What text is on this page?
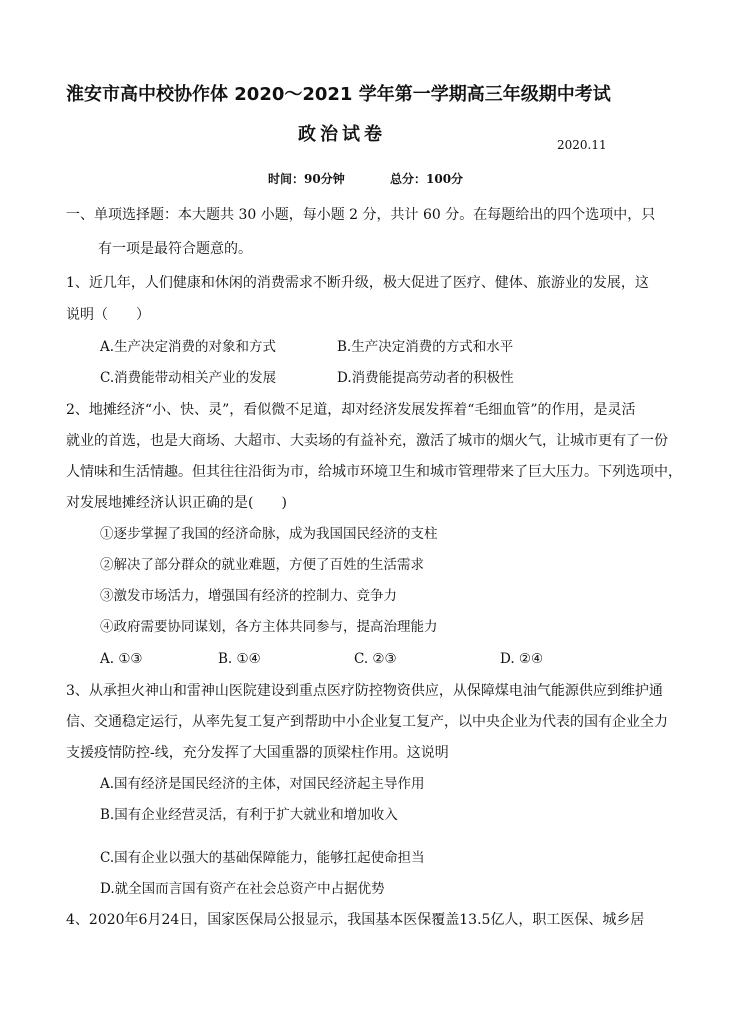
淮安市高中校协作体 2020～2021 学年第一学期高三年级期中考试
政治试卷	2020.11
时间：90分钟	总分：100分
一、单项选择题：本大题共 30 小题，每小题 2 分，共计 60 分。在每题给出的四个选项中，只
有一项是最符合题意的。
1、近几年，人们健康和休闲的消费需求不断升级，极大促进了医疗、健体、旅游业的发展，这
说明（　　）
A.生产决定消费的对象和方式	B.生产决定消费的方式和水平
C.消费能带动相关产业的发展	D.消费能提高劳动者的积极性
2、地摊经济“小、快、灵”，看似微不足道，却对经济发展发挥着“毛细血管”的作用，是灵活
就业的首选，也是大商场、大超市、大卖场的有益补充，激活了城市的烟火气，让城市更有了一份
人情味和生活情趣。但其往往沿街为市，给城市环境卫生和城市管理带来了巨大压力。下列选项中，
对发展地摊经济认识正确的是(　　)
①逐步掌握了我国的经济命脉，成为我国国民经济的支柱
②解决了部分群众的就业难题，方便了百姓的生活需求
③激发市场活力，增强国有经济的控制力、竞争力
④政府需要协同谋划，各方主体共同参与，提高治理能力
A. ①③	B. ①④	C. ②③	D. ②④
3、从承担火神山和雷神山医院建设到重点医疗防控物资供应，从保障煤电油气能源供应到维护通
信、交通稳定运行，从率先复工复产到帮助中小企业复工复产，以中央企业为代表的国有企业全力
支援疫情防控-线，充分发挥了大国重器的顶梁柱作用。这说明
A.国有经济是国民经济的主体，对国民经济起主导作用
B.国有企业经营灵活，有利于扩大就业和增加收入
C.国有企业以强大的基础保障能力，能够扛起使命担当
D.就全国而言国有资产在社会总资产中占据优势
4、2020年6月24日，国家医保局公报显示，我国基本医保覆盖13.5亿人，职工医保、城乡居
